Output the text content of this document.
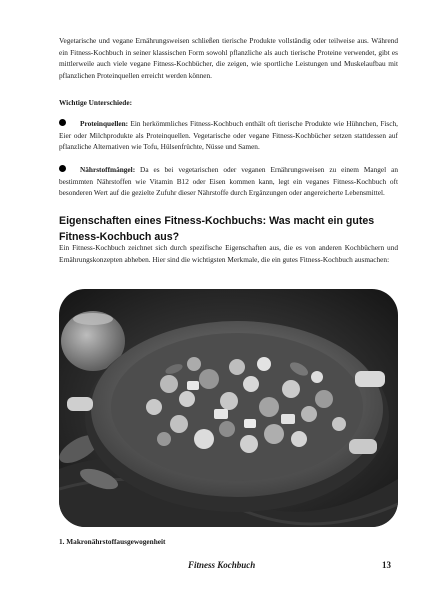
Vegetarische und vegane Ernährungsweisen schließen tierische Produkte vollständig oder teilweise aus. Während ein Fitness-Kochbuch in seiner klassischen Form sowohl pflanzliche als auch tierische Proteine verwendet, gibt es mittlerweile auch viele vegane Fitness-Kochbücher, die zeigen, wie sportliche Leistungen und Muskelaufbau mit pflanzlichen Proteinquellen erreicht werden können.

Wichtige Unterschiede:

Proteinquellen: Ein herkömmliches Fitness-Kochbuch enthält oft tierische Produkte wie Hühnchen, Fisch, Eier oder Milchprodukte als Proteinquellen. Vegetarische oder vegane Fitness-Kochbücher setzen stattdessen auf pflanzliche Alternativen wie Tofu, Hülsenfrüchte, Nüsse und Samen.

Nährstoffmängel: Da es bei vegetarischen oder veganen Ernährungsweisen zu einem Mangel an bestimmten Nährstoffen wie Vitamin B12 oder Eisen kommen kann, legt ein veganes Fitness-Kochbuch oft besonderen Wert auf die gezielte Zufuhr dieser Nährstoffe durch Ergänzungen oder angereicherte Lebensmittel.

Eigenschaften eines Fitness-Kochbuchs: Was macht ein gutes Fitness-Kochbuch aus?

Ein Fitness-Kochbuch zeichnet sich durch spezifische Eigenschaften aus, die es von anderen Kochbüchern und Ernährungskonzepten abheben. Hier sind die wichtigsten Merkmale, die ein gutes Fitness-Kochbuch ausmachen:

1. Makronährstoffausgewogenheit
Fitness Kochbuch	13
